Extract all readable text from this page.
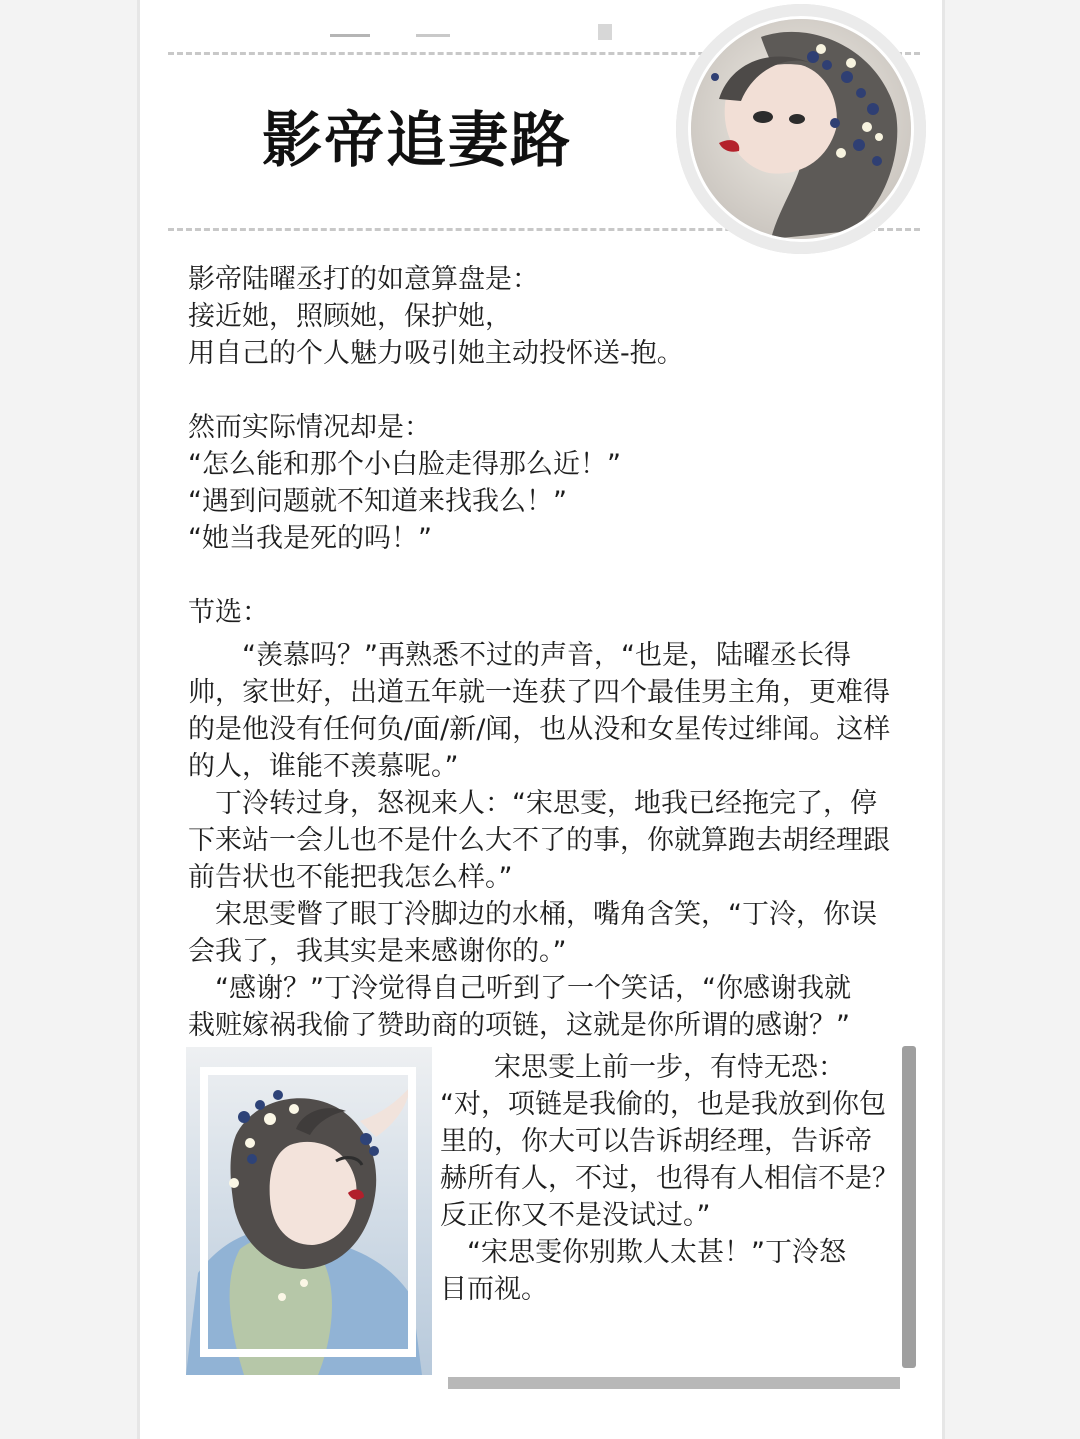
影帝追妻路
影帝陆曜丞打的如意算盘是：
接近她，照顾她，保护她，
用自己的个人魅力吸引她主动投怀送-抱。
然而实际情况却是：
“怎么能和那个小白脸走得那么近！”
“遇到问题就不知道来找我么！”
“她当我是死的吗！”
节选：
　　“羡慕吗？”再熟悉不过的声音，“也是，陆曜丞长得
帅，家世好，出道五年就一连获了四个最佳男主角，更难得
的是他没有任何负/面/新/闻，也从没和女星传过绯闻。这样
的人，谁能不羡慕呢。”
　丁泠转过身，怒视来人：“宋思雯，地我已经拖完了，停
下来站一会儿也不是什么大不了的事，你就算跑去胡经理跟
前告状也不能把我怎么样。”
　宋思雯瞥了眼丁泠脚边的水桶，嘴角含笑，“丁泠，你误
会我了，我其实是来感谢你的。”
　“感谢？”丁泠觉得自己听到了一个笑话，“你感谢我就
栽赃嫁祸我偷了赞助商的项链，这就是你所谓的感谢？”
　　宋思雯上前一步，有恃无恐：
“对，项链是我偷的，也是我放到你包
里的，你大可以告诉胡经理，告诉帝
赫所有人，不过，也得有人相信不是？
反正你又不是没试过。”
　“宋思雯你别欺人太甚！”丁泠怒
目而视。
